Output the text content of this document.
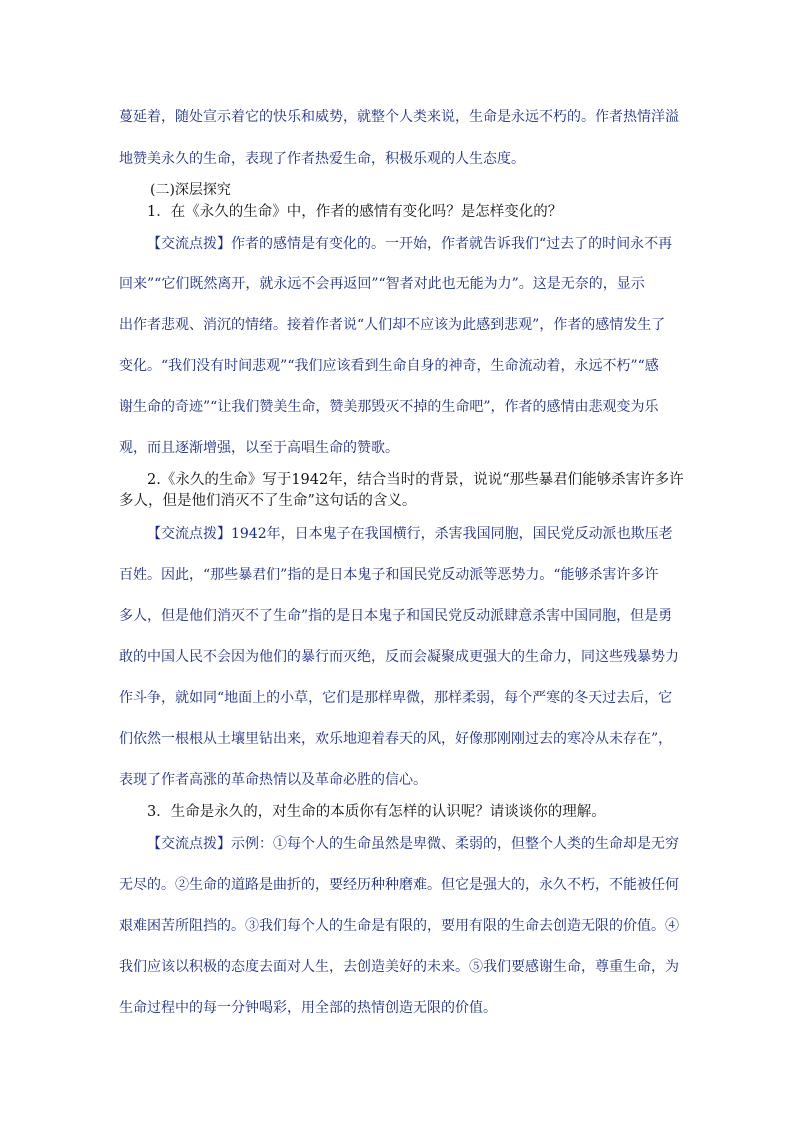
蔓延着，随处宣示着它的快乐和威势，就整个人类来说，生命是永远不朽的。作者热情洋溢
地赞美永久的生命，表现了作者热爱生命，积极乐观的人生态度。
(二)深层探究
1．在《永久的生命》中，作者的感情有变化吗？是怎样变化的？
【交流点拨】作者的感情是有变化的。一开始，作者就告诉我们“过去了的时间永不再
回来”“它们既然离开，就永远不会再返回”“智者对此也无能为力”。这是无奈的，显示
出作者悲观、消沉的情绪。接着作者说“人们却不应该为此感到悲观”，作者的感情发生了
变化。“我们没有时间悲观”“我们应该看到生命自身的神奇，生命流动着，永远不朽”“感
谢生命的奇迹”“让我们赞美生命，赞美那毁灭不掉的生命吧”，作者的感情由悲观变为乐
观，而且逐渐增强，以至于高唱生命的赞歌。
2.《永久的生命》写于1942年，结合当时的背景，说说“那些暴君们能够杀害许多许
多人，但是他们消灭不了生命”这句话的含义。
【交流点拨】1942年，日本鬼子在我国横行，杀害我国同胞，国民党反动派也欺压老
百姓。因此，“那些暴君们”指的是日本鬼子和国民党反动派等恶势力。“能够杀害许多许
多人，但是他们消灭不了生命”指的是日本鬼子和国民党反动派肆意杀害中国同胞，但是勇
敢的中国人民不会因为他们的暴行而灭绝，反而会凝聚成更强大的生命力，同这些残暴势力
作斗争，就如同“地面上的小草，它们是那样卑微，那样柔弱，每个严寒的冬天过去后，它
们依然一根根从土壤里钻出来，欢乐地迎着春天的风，好像那刚刚过去的寒冷从未存在”，
表现了作者高涨的革命热情以及革命必胜的信心。
3．生命是永久的，对生命的本质你有怎样的认识呢？请谈谈你的理解。
【交流点拨】示例：①每个人的生命虽然是卑微、柔弱的，但整个人类的生命却是无穷
无尽的。②生命的道路是曲折的，要经历种种磨难。但它是强大的，永久不朽，不能被任何
艰难困苦所阻挡的。③我们每个人的生命是有限的，要用有限的生命去创造无限的价值。④
我们应该以积极的态度去面对人生，去创造美好的未来。⑤我们要感谢生命，尊重生命，为
生命过程中的每一分钟喝彩，用全部的热情创造无限的价值。
